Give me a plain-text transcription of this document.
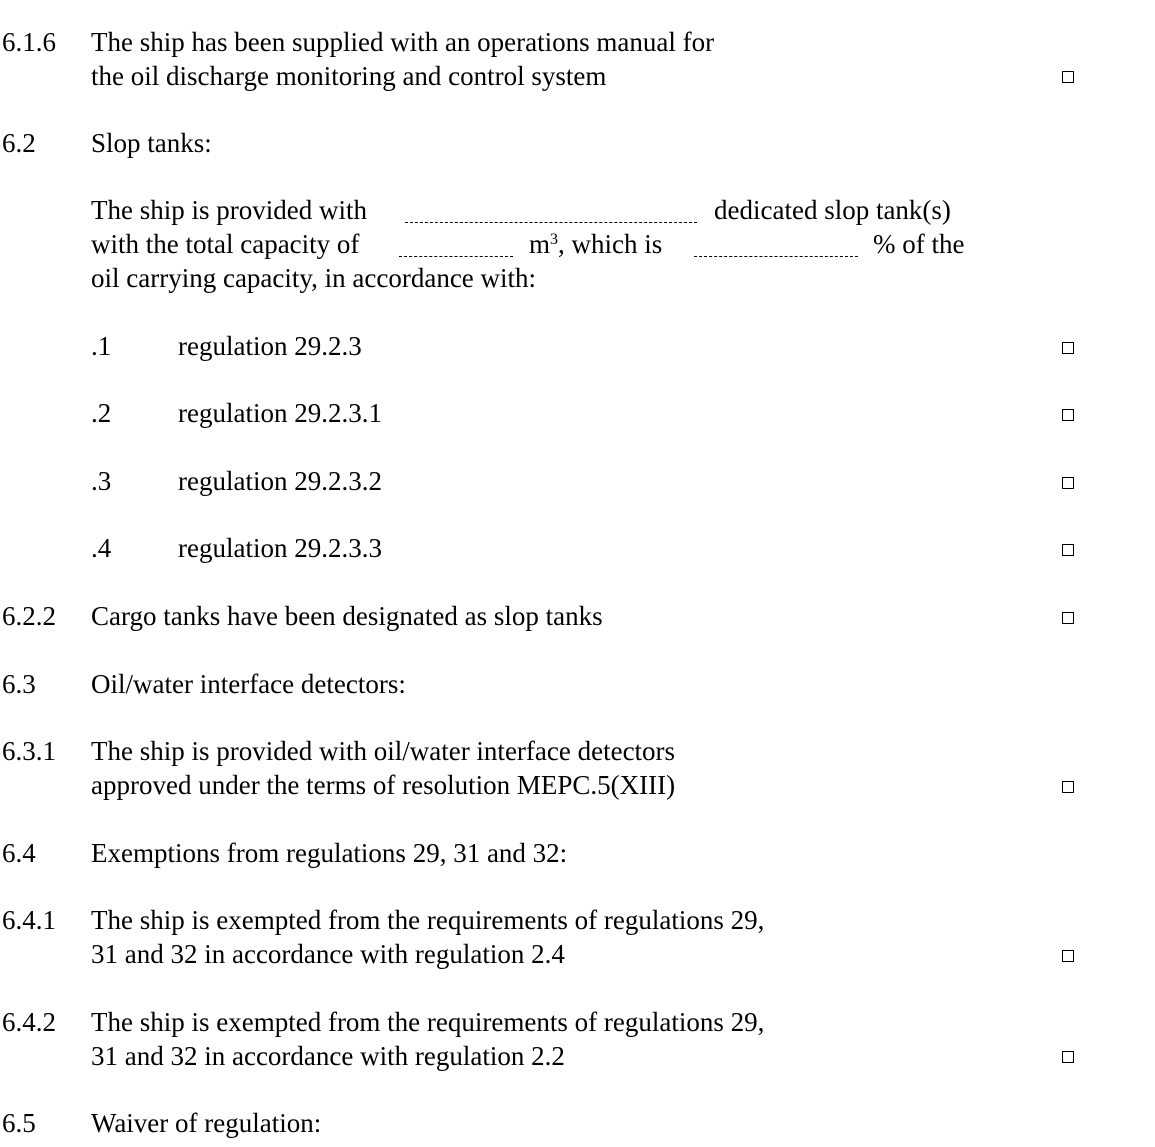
6.1.6 The ship has been supplied with an operations manual for
the oil discharge monitoring and control system
6.2 Slop tanks:
The ship is provided with	dedicated slop tank(s)
with the total capacity of	$m^3$, which is	% of the
oil carrying capacity, in accordance with:
.1 regulation 29.2.3
.2 regulation 29.2.3.1
.3 regulation 29.2.3.2
.4 regulation 29.2.3.3
6.2.2 Cargo tanks have been designated as slop tanks
6.3 Oil/water interface detectors:
6.3.1 The ship is provided with oil/water interface detectors
approved under the terms of resolution MEPC.5(XIII)
6.4 Exemptions from regulations 29, 31 and 32:
6.4.1 The ship is exempted from the requirements of regulations 29,
31 and 32 in accordance with regulation 2.4
6.4.2 The ship is exempted from the requirements of regulations 29,
31 and 32 in accordance with regulation 2.2
6.5 Waiver of regulation:
